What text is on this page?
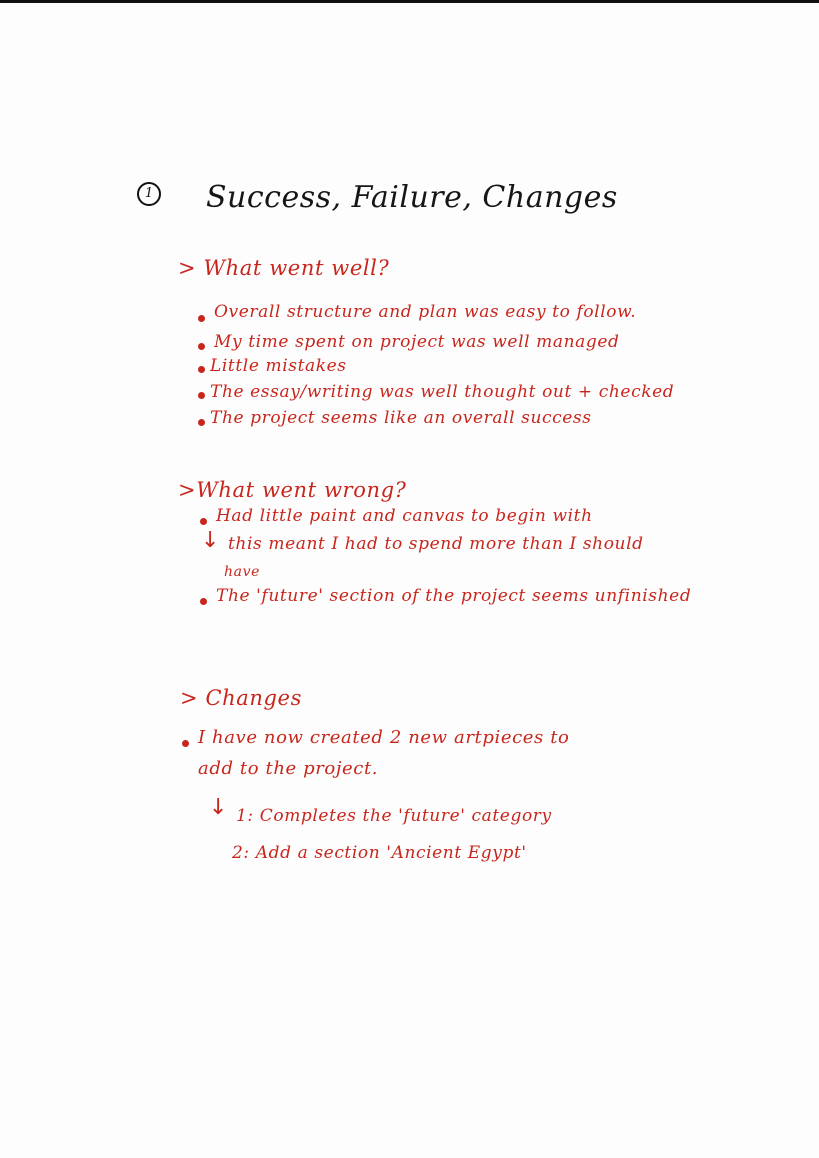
1 Success, Failure, Changes
> What went well?
Overall structure and plan was easy to follow.
My time spent on project was well managed
Little mistakes
The essay/writing was well thought out + checked
The project seems like an overall success
>What went wrong?
Had little paint and canvas to begin with
↓ this meant I had to spend more than I should
have
The 'future' section of the project seems unfinished
> Changes
I have now created 2 new artpieces to
add to the project.
↓ 1: Completes the 'future' category
2: Add a section 'Ancient Egypt'
